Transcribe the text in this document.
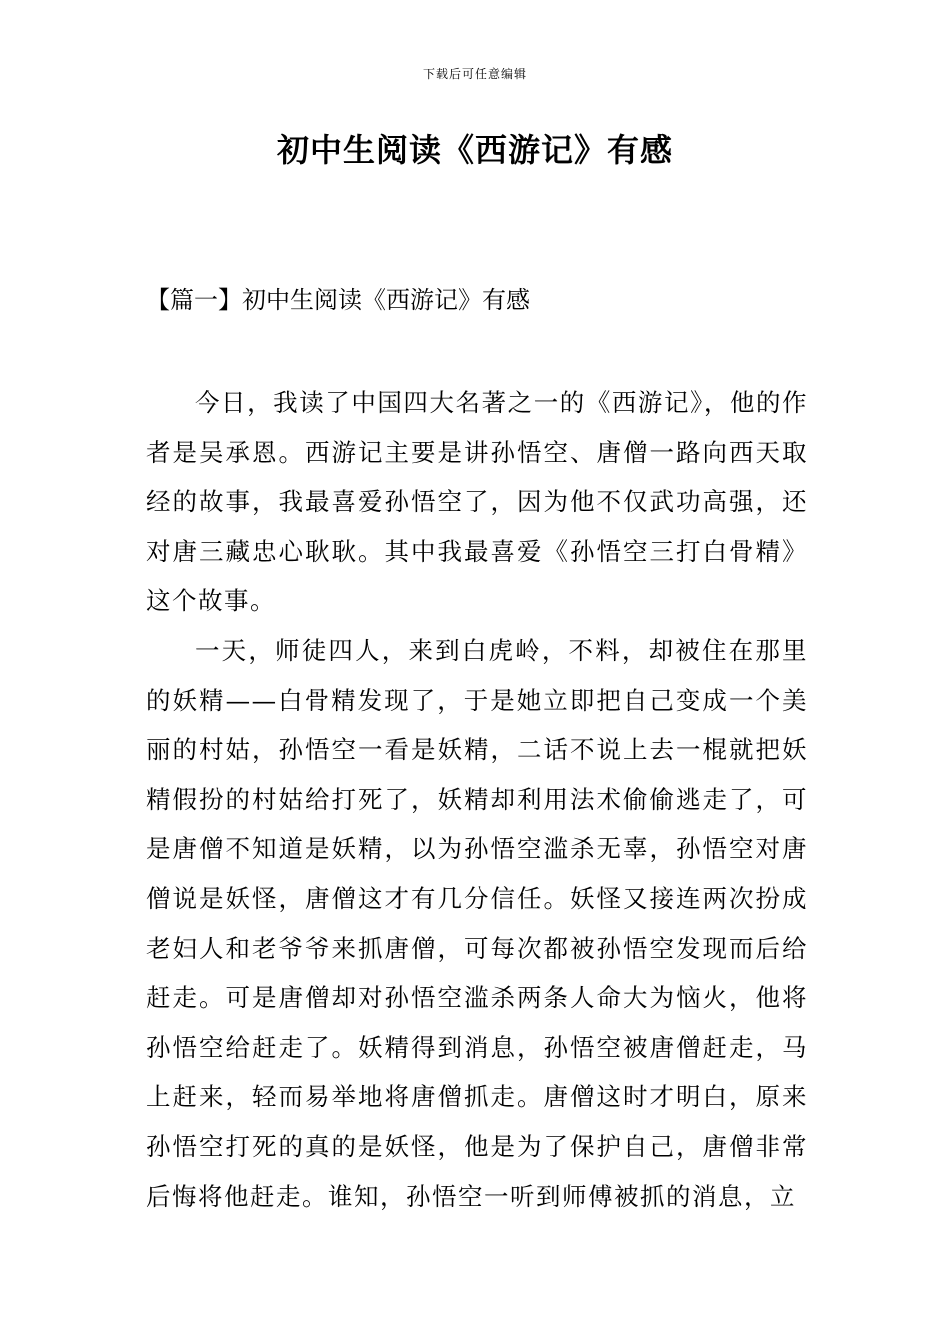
下载后可任意编辑
初中生阅读《西游记》有感
【篇一】初中生阅读《西游记》有感

今日，我读了中国四大名著之一的《西游记》，他的作者是吴承恩。西游记主要是讲孙悟空、唐僧一路向西天取经的故事，我最喜爱孙悟空了，因为他不仅武功高强，还对唐三藏忠心耿耿。其中我最喜爱《孙悟空三打白骨精》这个故事。

一天，师徒四人，来到白虎岭，不料，却被住在那里的妖精——白骨精发现了，于是她立即把自己变成一个美丽的村姑，孙悟空一看是妖精，二话不说上去一棍就把妖精假扮的村姑给打死了，妖精却利用法术偷偷逃走了，可是唐僧不知道是妖精，以为孙悟空滥杀无辜，孙悟空对唐僧说是妖怪，唐僧这才有几分信任。妖怪又接连两次扮成老妇人和老爷爷来抓唐僧，可每次都被孙悟空发现而后给赶走。可是唐僧却对孙悟空滥杀两条人命大为恼火，他将孙悟空给赶走了。妖精得到消息，孙悟空被唐僧赶走，马上赶来，轻而易举地将唐僧抓走。唐僧这时才明白，原来孙悟空打死的真的是妖怪，他是为了保护自己，唐僧非常后悔将他赶走。谁知，孙悟空一听到师傅被抓的消息，立
